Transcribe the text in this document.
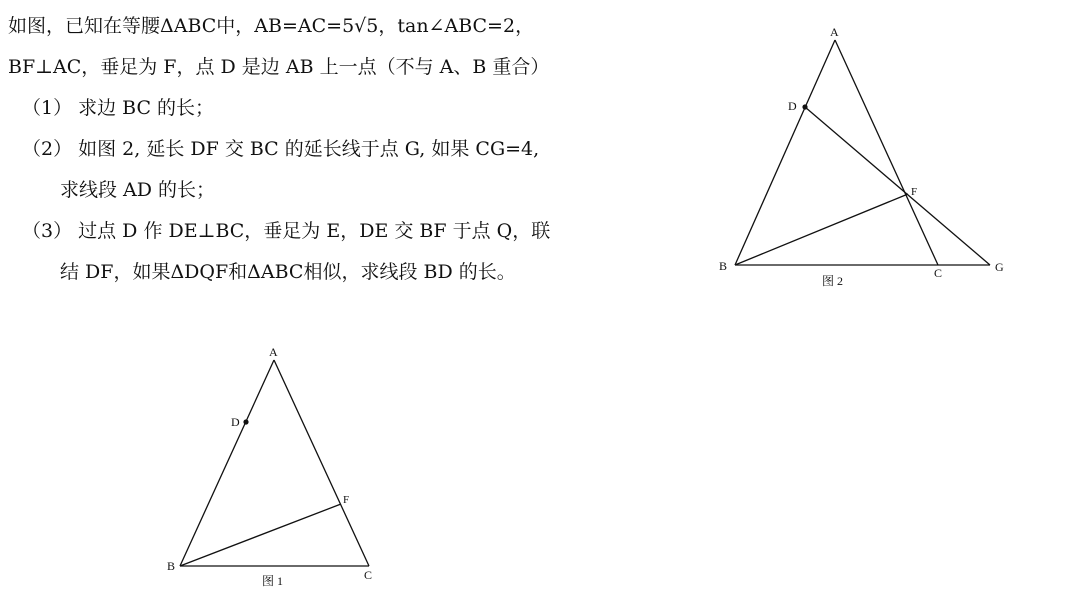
如图，已知在等腰ΔABC中，AB=AC=5√5，tan∠ABC=2，
BF⊥AC，垂足为 F，点 D 是边 AB 上一点（不与 A、B 重合）
（1） 求边 BC 的长；
（2） 如图 2, 延长 DF 交 BC 的延长线于点 G, 如果 CG=4,
求线段 AD 的长；
（3） 过点 D 作 DE⊥BC，垂足为 E，DE 交 BF 于点 Q，联
结 DF，如果ΔDQF和ΔABC相似，求线段 BD 的长。
A
D
F
B	C	G
图 2
A
D
F
B
C
图 1
